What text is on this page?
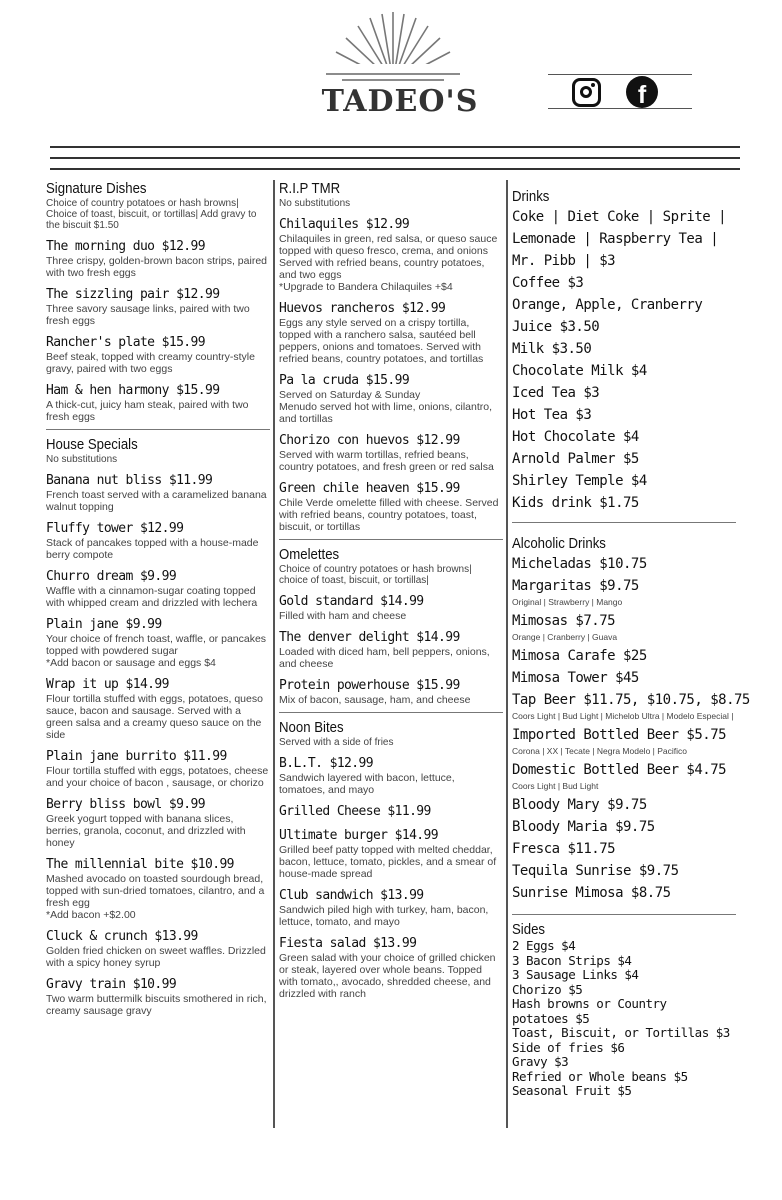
TADEO'S	f
Signature Dishes
Choice of country potatoes or hash browns| Choice of toast, biscuit, or tortillas| Add gravy to the biscuit $1.50
The morning duo $12.99
Three crispy, golden-brown bacon strips, paired with two fresh eggs
The sizzling pair $12.99
Three savory sausage links, paired with two fresh eggs
Rancher's plate $15.99
Beef steak, topped with creamy country-style gravy, paired with two eggs
Ham & hen harmony $15.99
A thick-cut, juicy ham steak, paired with two fresh eggs
House Specials
No substitutions
Banana nut bliss $11.99
French toast served with a caramelized banana walnut topping
Fluffy tower $12.99
Stack of pancakes topped with a house-made berry compote
Churro dream $9.99
Waffle with a cinnamon-sugar coating topped with whipped cream and drizzled with lechera
Plain jane $9.99
Your choice of french toast, waffle, or pancakes topped with powdered sugar
*Add bacon or sausage and eggs $4
Wrap it up $14.99
Flour tortilla stuffed with eggs, potatoes, queso sauce, bacon and sausage. Served with a green salsa and a creamy queso sauce on the side
Plain jane burrito $11.99
Flour tortilla stuffed with eggs, potatoes, cheese and your choice of bacon , sausage, or chorizo
Berry bliss bowl $9.99
Greek yogurt topped with banana slices, berries, granola, coconut, and drizzled with honey
The millennial bite $10.99
Mashed avocado on toasted sourdough bread, topped with sun-dried tomatoes, cilantro, and a fresh egg
*Add bacon +$2.00
Cluck & crunch $13.99
Golden fried chicken on sweet waffles. Drizzled with a spicy honey syrup
Gravy train $10.99
Two warm buttermilk biscuits smothered in rich, creamy sausage gravy
R.I.P TMR
No substitutions
Chilaquiles $12.99
Chilaquiles in green, red salsa, or queso sauce topped with queso fresco, crema, and onions Served with refried beans, country potatoes, and two eggs
*Upgrade to Bandera Chilaquiles +$4
Huevos rancheros $12.99
Eggs any style served on a crispy tortilla, topped with a ranchero salsa, sautéed bell peppers, onions and tomatoes. Served with refried beans, country potatoes, and tortillas
Pa la cruda $15.99
Served on Saturday & Sunday
Menudo served hot with lime, onions, cilantro, and tortillas
Chorizo con huevos $12.99
Served with warm tortillas, refried beans, country potatoes, and fresh green or red salsa
Green chile heaven $15.99
Chile Verde omelette filled with cheese. Served with refried beans, country potatoes, toast, biscuit, or tortillas
Omelettes
Choice of country potatoes or hash browns| choice of toast, biscuit, or tortillas|
Gold standard $14.99
Filled with ham and cheese
The denver delight $14.99
Loaded with diced ham, bell peppers, onions, and cheese
Protein powerhouse $15.99
Mix of bacon, sausage, ham, and cheese
Noon Bites
Served with a side of fries
B.L.T. $12.99
Sandwich layered with bacon, lettuce, tomatoes, and mayo
Grilled Cheese $11.99
Ultimate burger $14.99
Grilled beef patty topped with melted cheddar, bacon, lettuce, tomato, pickles, and a smear of house-made spread
Club sandwich $13.99
Sandwich piled high with turkey, ham, bacon, lettuce, tomato, and mayo
Fiesta salad $13.99
Green salad with your choice of grilled chicken or steak, layered over whole beans. Topped with tomato,, avocado, shredded cheese, and drizzled with ranch
Drinks
Coke | Diet Coke | Sprite |
Lemonade | Raspberry Tea |
Mr. Pibb | $3
Coffee $3
Orange, Apple, Cranberry
Juice $3.50
Milk $3.50
Chocolate Milk $4
Iced Tea $3
Hot Tea $3
Hot Chocolate $4
Arnold Palmer $5
Shirley Temple $4
Kids drink $1.75
Alcoholic Drinks
Micheladas $10.75
Margaritas $9.75
Original | Strawberry | Mango
Mimosas $7.75
Orange | Cranberry | Guava
Mimosa Carafe $25
Mimosa Tower $45
Tap Beer $11.75, $10.75, $8.75
Coors Light | Bud Light | Michelob Ultra | Modelo Especial |
Imported Bottled Beer $5.75
Corona | XX | Tecate | Negra Modelo | Pacifico
Domestic Bottled Beer $4.75
Coors Light | Bud Light
Bloody Mary $9.75
Bloody Maria $9.75
Fresca $11.75
Tequila Sunrise $9.75
Sunrise Mimosa $8.75
Sides
2 Eggs $4
3 Bacon Strips $4
3 Sausage Links $4
Chorizo $5
Hash browns or Country
potatoes $5
Toast, Biscuit, or Tortillas $3
Side of fries $6
Gravy $3
Refried or Whole beans $5
Seasonal Fruit $5
